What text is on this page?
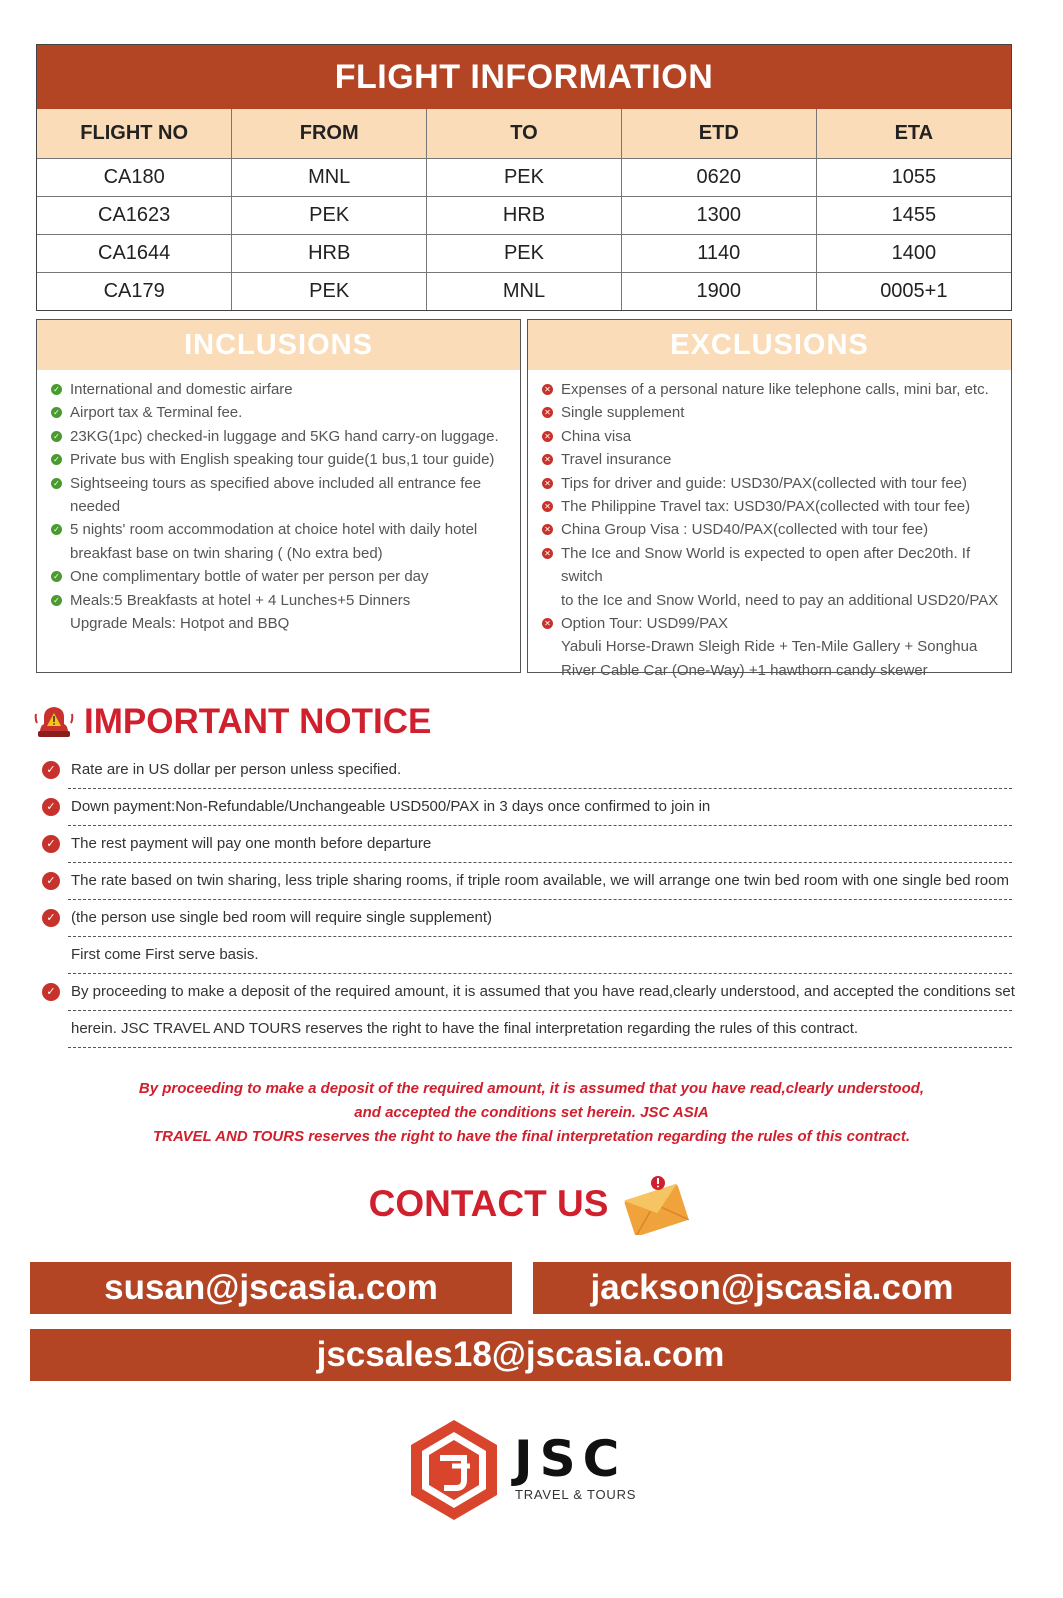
FLIGHT INFORMATION
FLIGHT NO	FROM	TO	ETD	ETA
CA180	MNL	PEK	0620	1055
CA1623	PEK	HRB	1300	1455
CA1644	HRB	PEK	1140	1400
CA179	PEK	MNL	1900	0005+1
INCLUSIONS
✓ International and domestic airfare
✓ Airport tax & Terminal fee.
✓ 23KG(1pc) checked-in luggage and 5KG hand carry-on luggage.
✓ Private bus with English speaking tour guide(1 bus,1 tour guide)
✓ Sightseeing tours as specified above included all entrance fee
needed
✓ 5 nights' room accommodation at choice hotel with daily hotel
breakfast base on twin sharing ( (No extra bed)
✓ One complimentary bottle of water per person per day
✓ Meals:5 Breakfasts at hotel + 4 Lunches+5 Dinners
Upgrade Meals: Hotpot and BBQ
EXCLUSIONS
✕ Expenses of a personal nature like telephone calls, mini bar, etc.
✕ Single supplement
✕ China visa
✕ Travel insurance
✕ Tips for driver and guide: USD30/PAX(collected with tour fee)
✕ The Philippine Travel tax: USD30/PAX(collected with tour fee)
✕ China Group Visa : USD40/PAX(collected with tour fee)
✕ The Ice and Snow World is expected to open after Dec20th. If switch
to the Ice and Snow World, need to pay an additional USD20/PAX
✕ Option Tour: USD99/PAX
Yabuli Horse-Drawn Sleigh Ride + Ten-Mile Gallery + Songhua
River Cable Car (One-Way) +1 hawthorn candy skewer
IMPORTANT NOTICE
✓ Rate are in US dollar per person unless specified.
✓ Down payment:Non-Refundable/Unchangeable USD500/PAX in 3 days once confirmed to join in
✓ The rest payment will pay one month before departure
✓ The rate based on twin sharing, less triple sharing rooms, if triple room available, we will arrange one twin bed room with one single bed room
✓ (the person use single bed room will require single supplement)
First come First serve basis.
✓ By proceeding to make a deposit of the required amount, it is assumed that you have read,clearly understood, and accepted the conditions set
herein. JSC TRAVEL AND TOURS reserves the right to have the final interpretation regarding the rules of this contract.
By proceeding to make a deposit of the required amount, it is assumed that you have read,clearly understood,
and accepted the conditions set herein. JSC ASIA
TRAVEL AND TOURS reserves the right to have the final interpretation regarding the rules of this contract.
CONTACT US
susan@jscasia.com	jackson@jscasia.com
jscsales18@jscasia.com
JSC
TRAVEL & TOURS
